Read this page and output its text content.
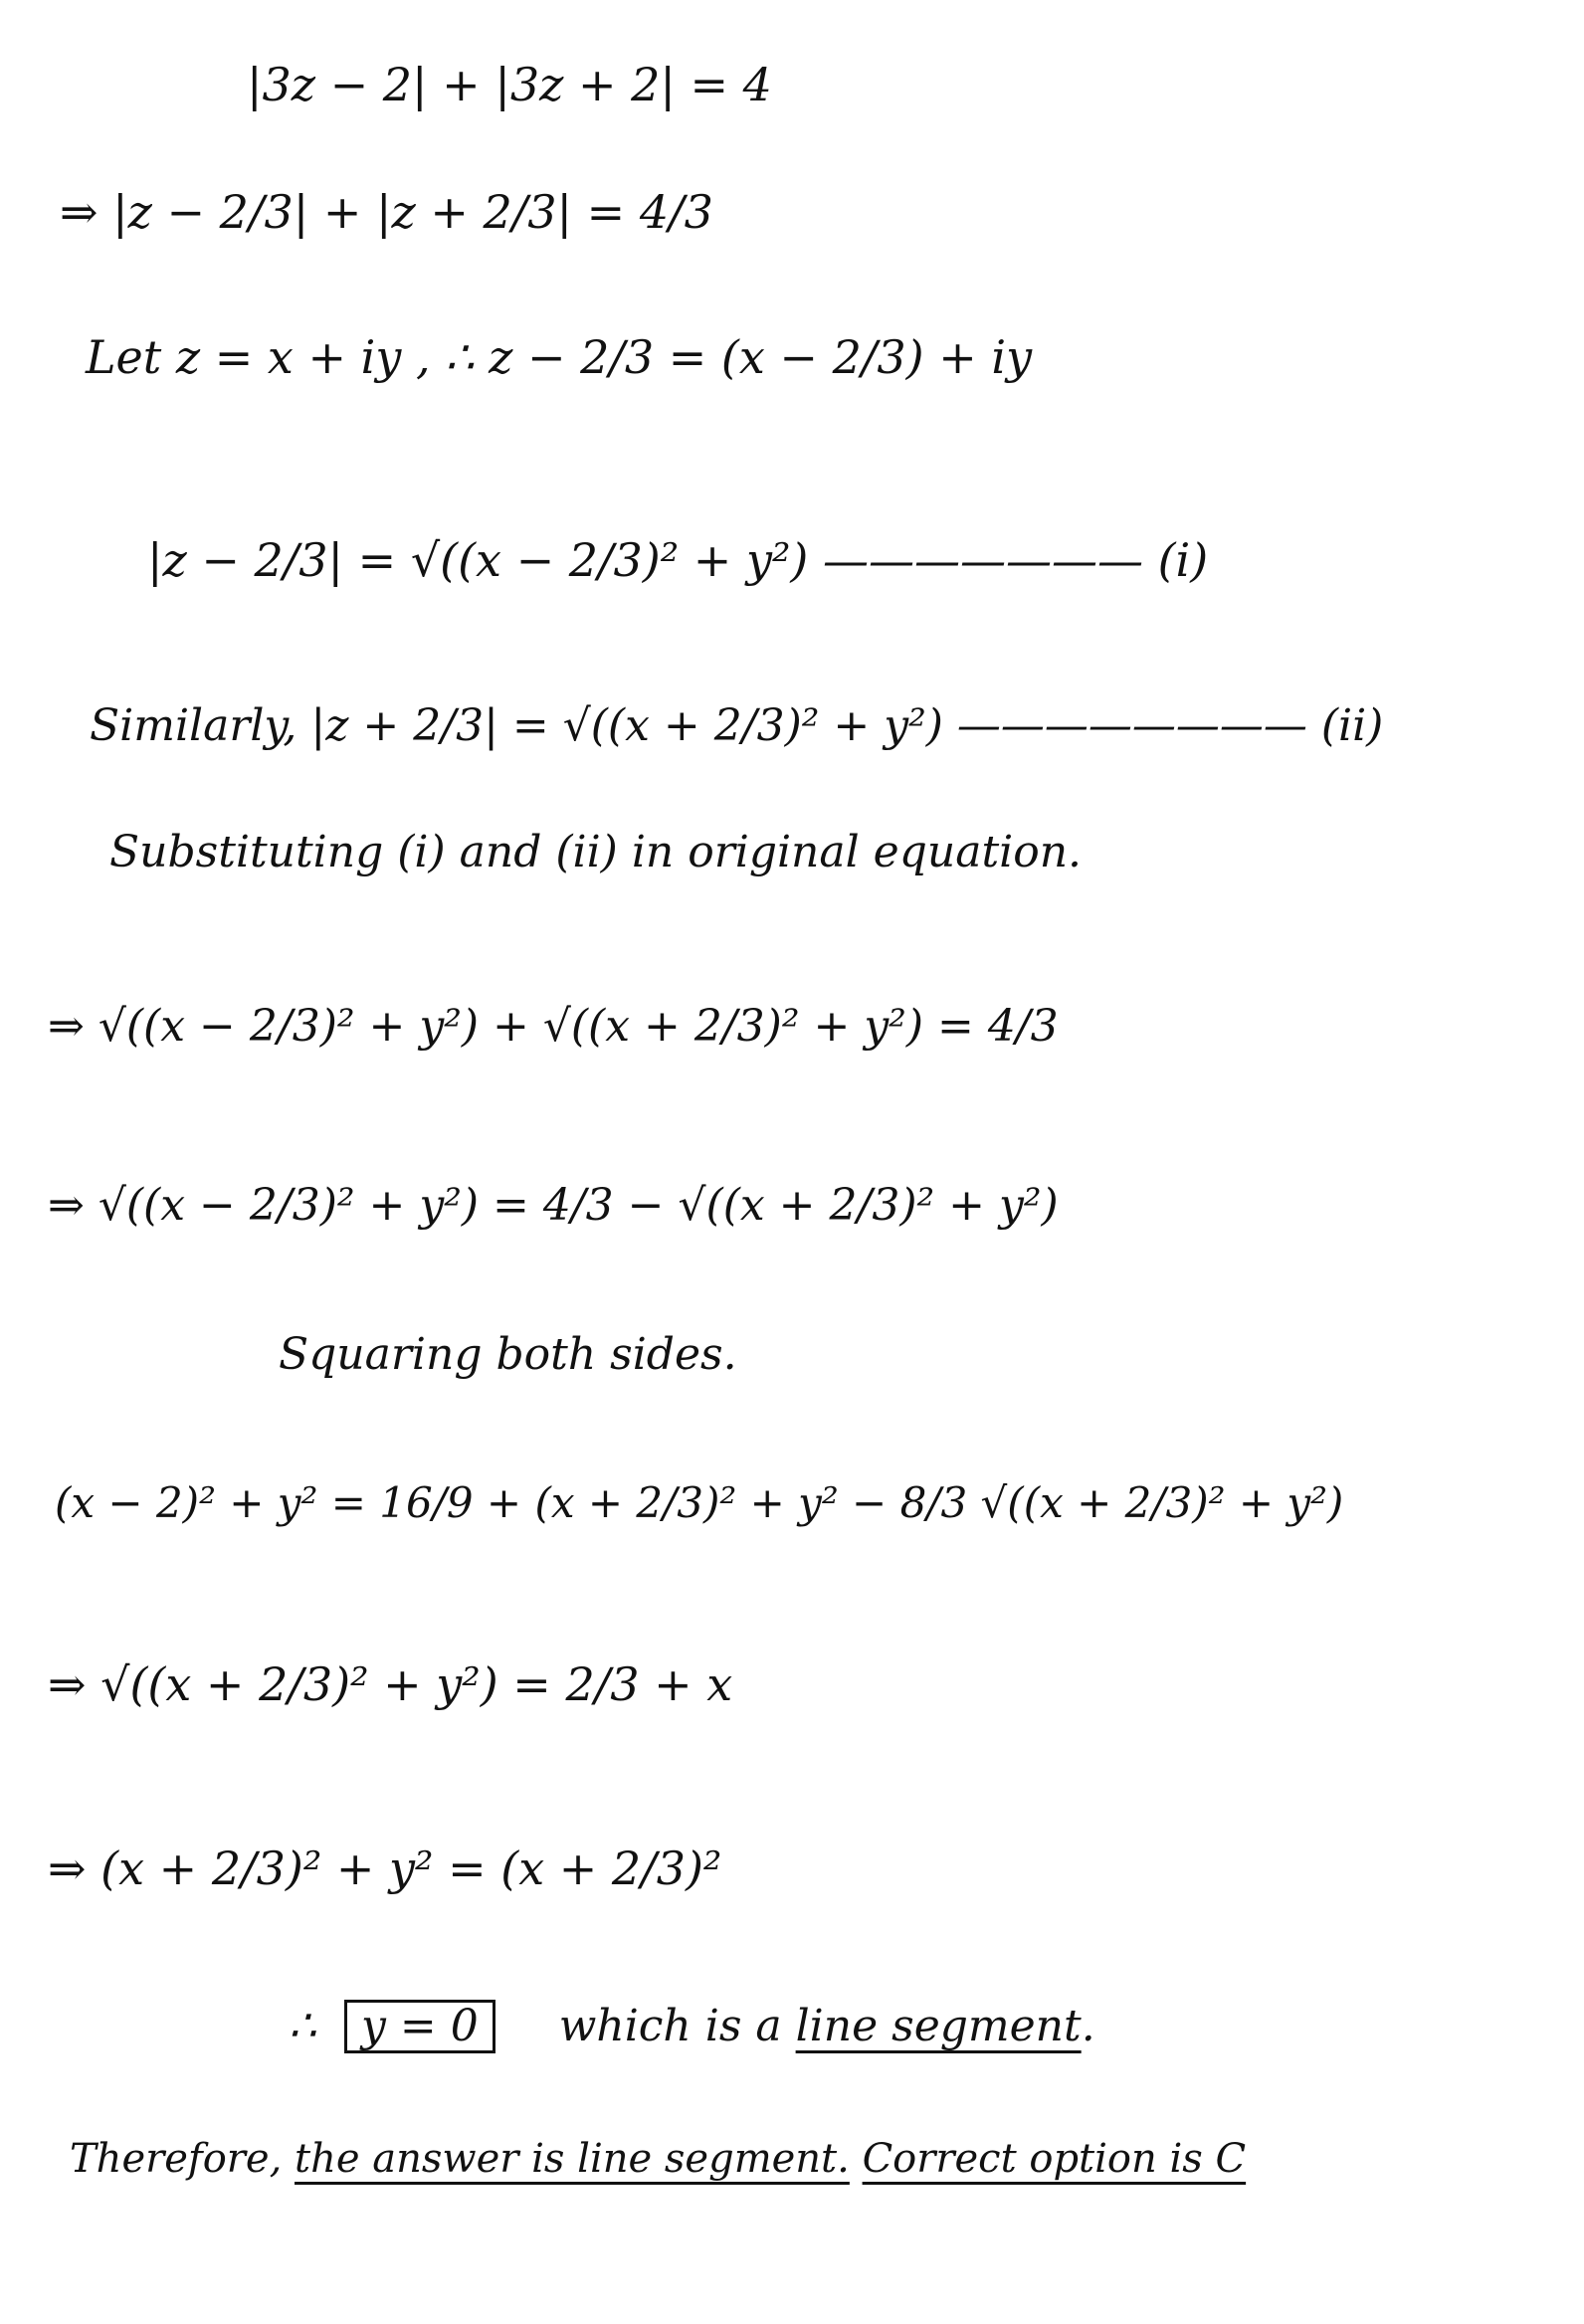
|3z − 2| + |3z + 2| = 4
⇒ |z − 2/3| + |z + 2/3| = 4/3
Let z = x + iy , ∴ z − 2/3 = (x − 2/3) + iy
|z − 2/3| = √((x − 2/3)² + y²) ——————— (i)
Similarly, |z + 2/3| = √((x + 2/3)² + y²) ———————— (ii)
Substituting (i) and (ii) in original equation.
⇒ √((x − 2/3)² + y²) + √((x + 2/3)² + y²) = 4/3
⇒ √((x − 2/3)² + y²) = 4/3 − √((x + 2/3)² + y²)
Squaring both sides.
(x − 2)² + y² = 16/9 + (x + 2/3)² + y² − 8/3 √((x + 2/3)² + y²)
⇒ √((x + 2/3)² + y²) = 2/3 + x
⇒ (x + 2/3)² + y² = (x + 2/3)²
∴ y = 0 which is a line segment.
Therefore, the answer is line segment. Correct option is C
